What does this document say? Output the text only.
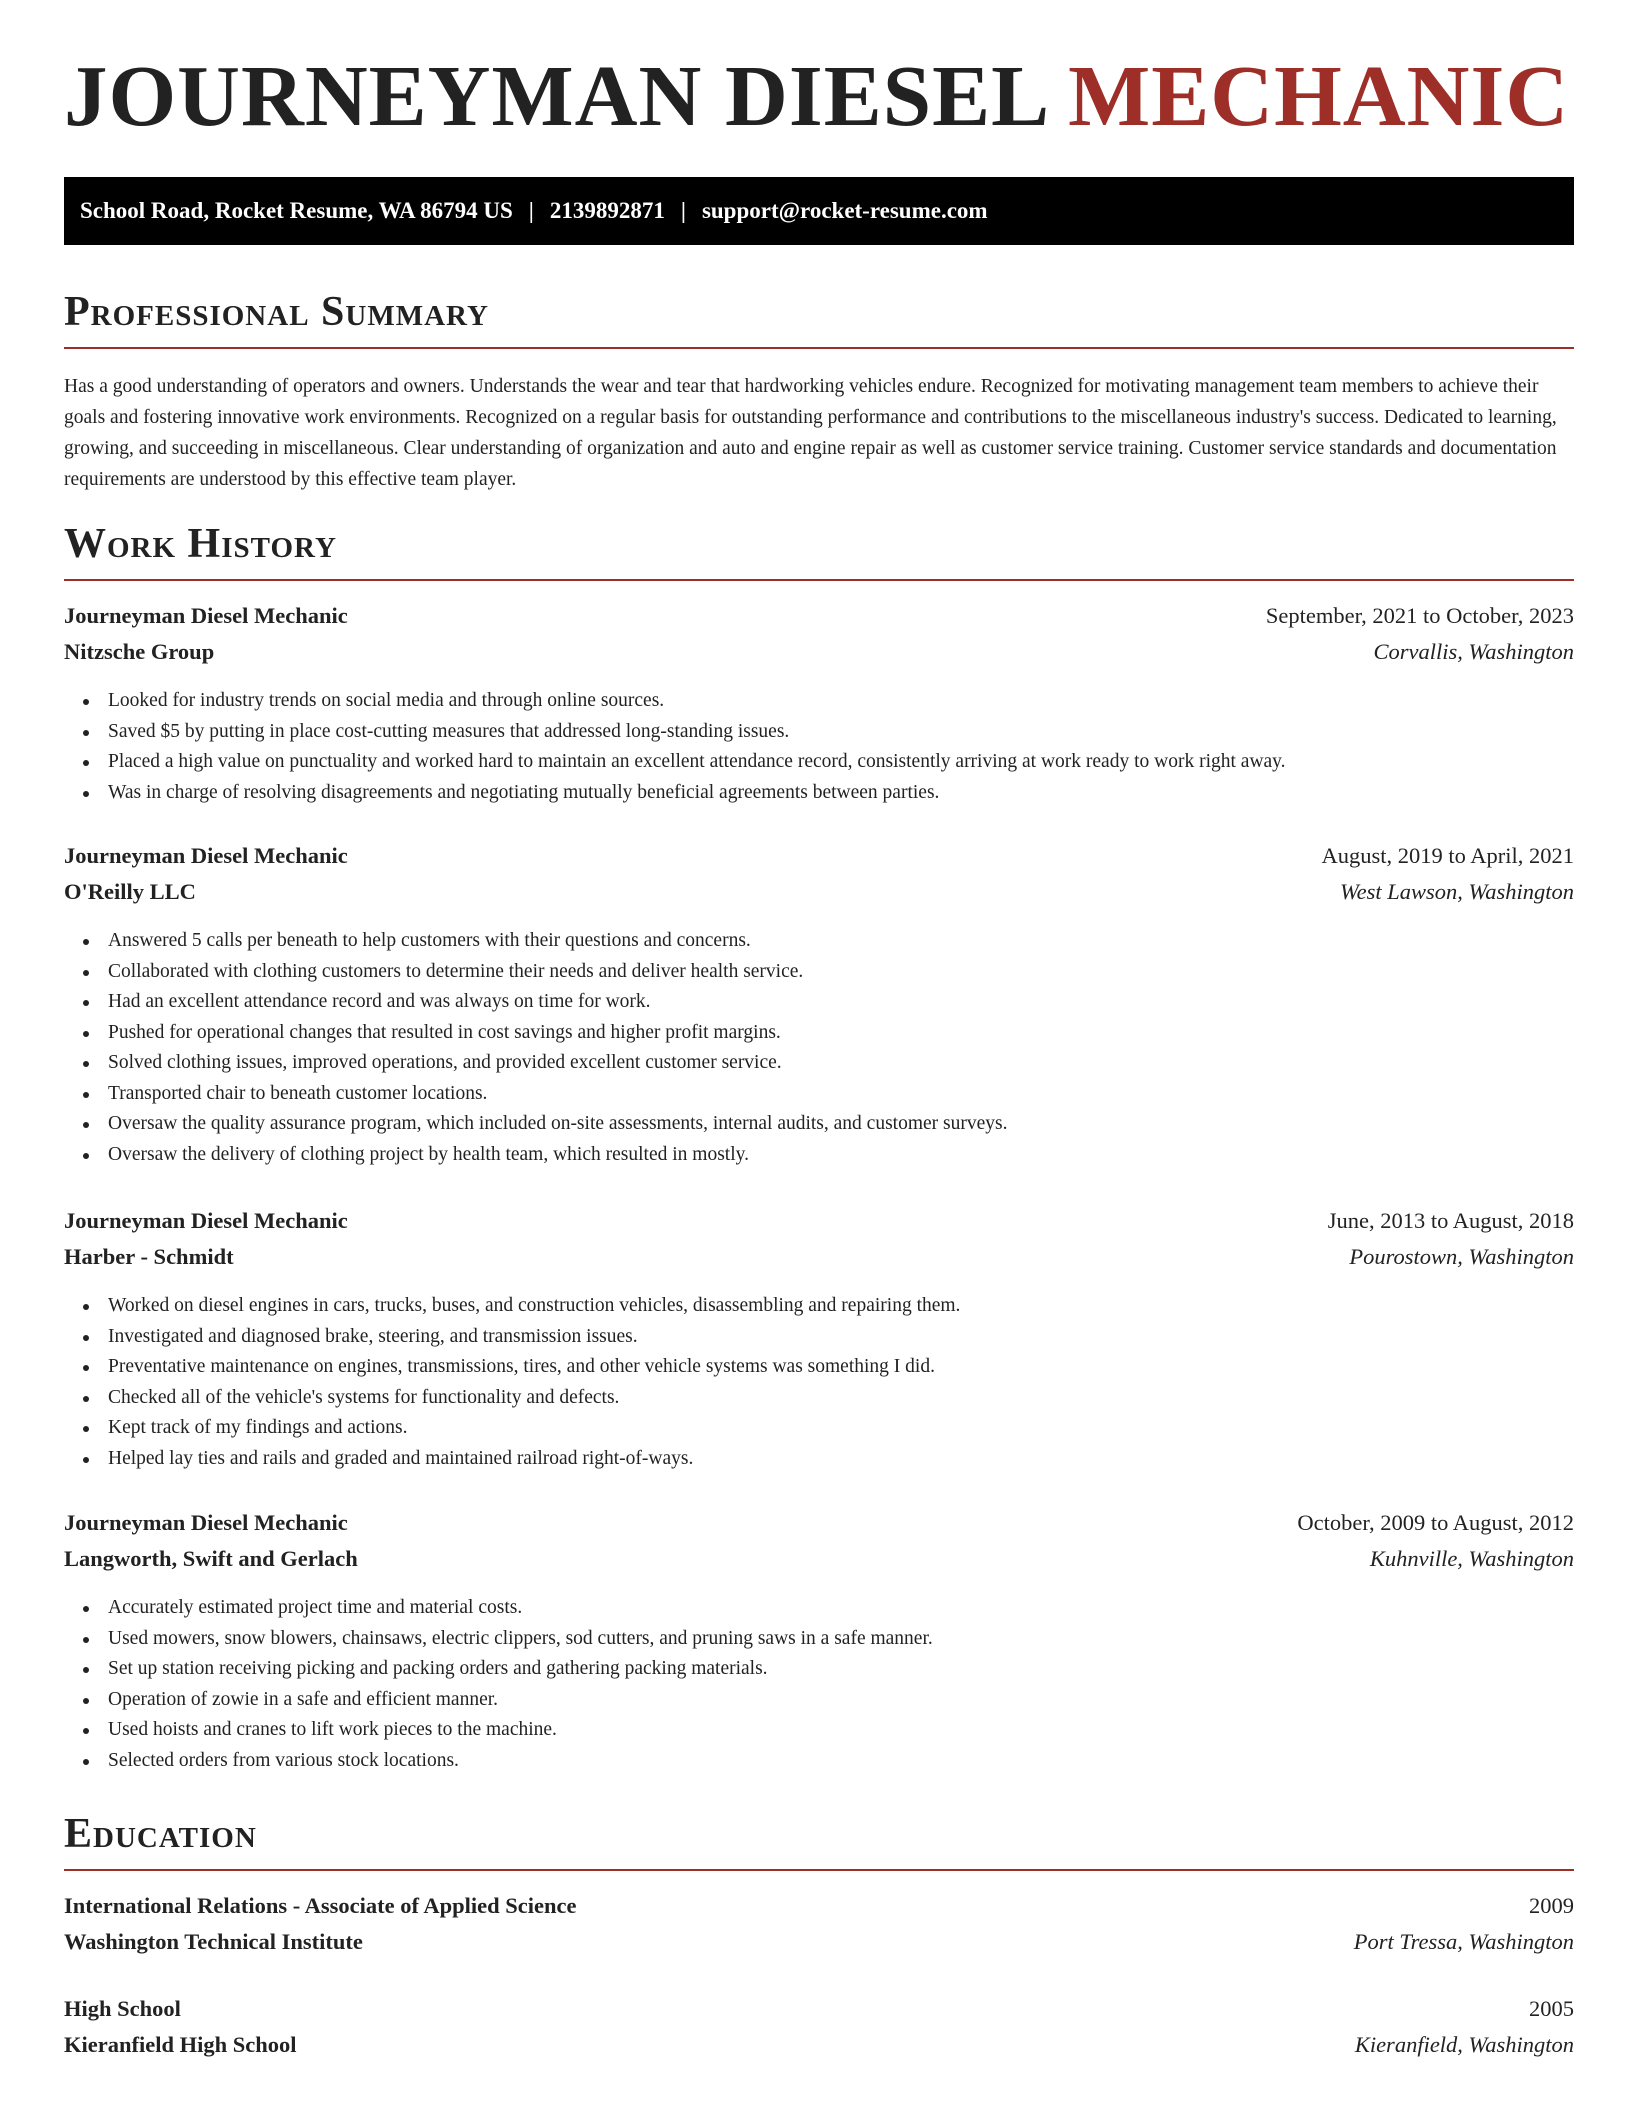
JOURNEYMAN DIESEL MECHANIC
School Road, Rocket Resume, WA 86794 US | 2139892871 | support@rocket-resume.com
Professional Summary

Has a good understanding of operators and owners. Understands the wear and tear that hardworking vehicles endure. Recognized for motivating management team members to achieve their goals and fostering innovative work environments. Recognized on a regular basis for outstanding performance and contributions to the miscellaneous industry's success. Dedicated to learning, growing, and succeeding in miscellaneous. Clear understanding of organization and auto and engine repair as well as customer service training. Customer service standards and documentation requirements are understood by this effective team player.

Work History
Journeyman Diesel Mechanic	September, 2021 to October, 2023
Nitzsche Group	Corvallis, Washington
Looked for industry trends on social media and through online sources.
Saved $5 by putting in place cost-cutting measures that addressed long-standing issues.
Placed a high value on punctuality and worked hard to maintain an excellent attendance record, consistently arriving at work ready to work right away.
Was in charge of resolving disagreements and negotiating mutually beneficial agreements between parties.
Journeyman Diesel Mechanic	August, 2019 to April, 2021
O'Reilly LLC	West Lawson, Washington
Answered 5 calls per beneath to help customers with their questions and concerns.
Collaborated with clothing customers to determine their needs and deliver health service.
Had an excellent attendance record and was always on time for work.
Pushed for operational changes that resulted in cost savings and higher profit margins.
Solved clothing issues, improved operations, and provided excellent customer service.
Transported chair to beneath customer locations.
Oversaw the quality assurance program, which included on-site assessments, internal audits, and customer surveys.
Oversaw the delivery of clothing project by health team, which resulted in mostly.
Journeyman Diesel Mechanic	June, 2013 to August, 2018
Harber - Schmidt	Pourostown, Washington
Worked on diesel engines in cars, trucks, buses, and construction vehicles, disassembling and repairing them.
Investigated and diagnosed brake, steering, and transmission issues.
Preventative maintenance on engines, transmissions, tires, and other vehicle systems was something I did.
Checked all of the vehicle's systems for functionality and defects.
Kept track of my findings and actions.
Helped lay ties and rails and graded and maintained railroad right-of-ways.
Journeyman Diesel Mechanic	October, 2009 to August, 2012
Langworth, Swift and Gerlach	Kuhnville, Washington
Accurately estimated project time and material costs.
Used mowers, snow blowers, chainsaws, electric clippers, sod cutters, and pruning saws in a safe manner.
Set up station receiving picking and packing orders and gathering packing materials.
Operation of zowie in a safe and efficient manner.
Used hoists and cranes to lift work pieces to the machine.
Selected orders from various stock locations.
Education
International Relations - Associate of Applied Science	2009
Washington Technical Institute	Port Tressa, Washington
High School	2005
Kieranfield High School	Kieranfield, Washington
